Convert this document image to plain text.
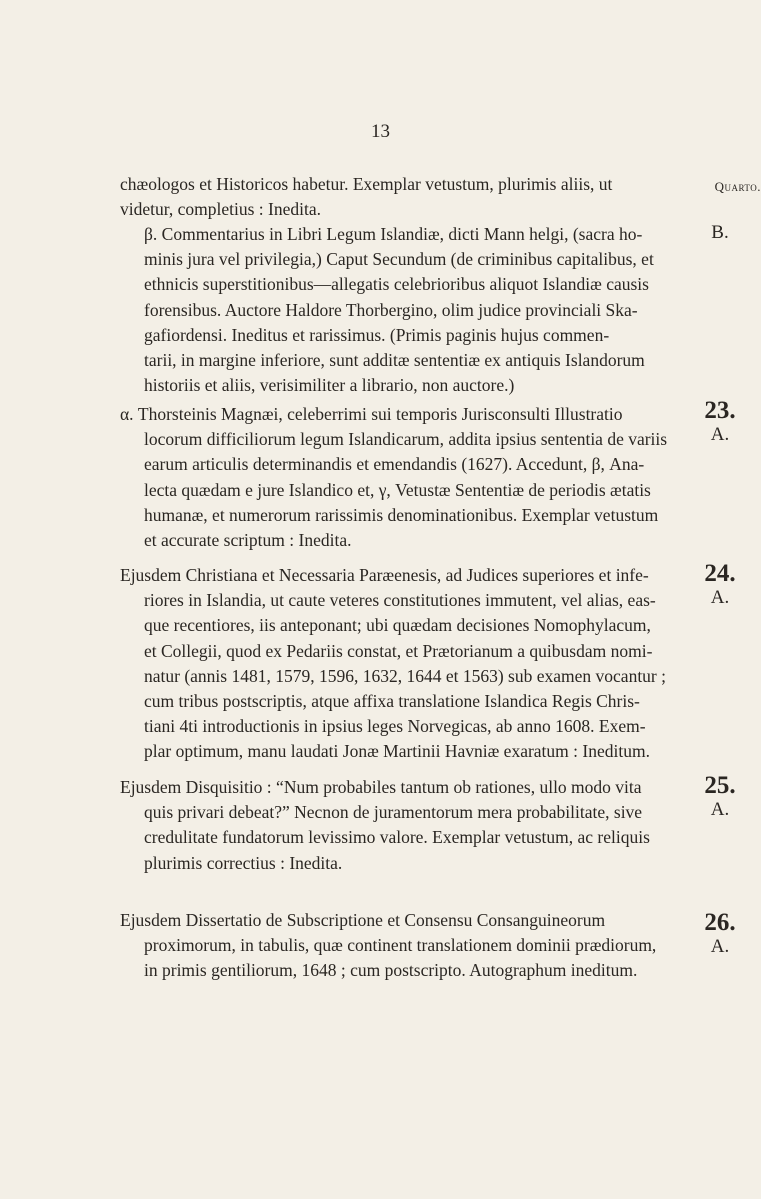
13

chæologos et Historicos habetur. Exemplar vetustum, plurimis aliis, ut

videtur, completius : Inedita.

Quarto.

β. Commentarius in Libri Legum Islandiæ, dicti Mann helgi, (sacra ho-

minis jura vel privilegia,) Caput Secundum (de criminibus capitalibus, et

ethnicis superstitionibus—allegatis celebrioribus aliquot Islandiæ causis

forensibus. Auctore Haldore Thorbergino, olim judice provinciali Ska-

gafiordensi. Ineditus et rarissimus. (Primis paginis hujus commen-

tarii, in margine inferiore, sunt additæ sententiæ ex antiquis Islandorum

historiis et aliis, verisimiliter a librario, non auctore.)

B.

α. Thorsteinis Magnæi, celeberrimi sui temporis Jurisconsulti Illustratio

locorum difficiliorum legum Islandicarum, addita ipsius sententia de variis

earum articulis determinandis et emendandis (1627). Accedunt, β, Ana-

lecta quædam e jure Islandico et, γ, Vetustæ Sententiæ de periodis ætatis

humanæ, et numerorum rarissimis denominationibus. Exemplar vetustum

et accurate scriptum : Inedita.

23.
A.

Ejusdem Christiana et Necessaria Paræenesis, ad Judices superiores et infe-

riores in Islandia, ut caute veteres constitutiones immutent, vel alias, eas-

que recentiores, iis anteponant; ubi quædam decisiones Nomophylacum,

et Collegii, quod ex Pedariis constat, et Prætorianum a quibusdam nomi-

natur (annis 1481, 1579, 1596, 1632, 1644 et 1563) sub examen vocantur ;

cum tribus postscriptis, atque affixa translatione Islandica Regis Chris-

tiani 4ti introductionis in ipsius leges Norvegicas, ab anno 1608. Exem-

plar optimum, manu laudati Jonæ Martinii Havniæ exaratum : Ineditum.

24.
A.

Ejusdem Disquisitio : “Num probabiles tantum ob rationes, ullo modo vita

quis privari debeat?” Necnon de juramentorum mera probabilitate, sive

credulitate fundatorum levissimo valore. Exemplar vetustum, ac reliquis

plurimis correctius : Inedita.

25.
A.

Ejusdem Dissertatio de Subscriptione et Consensu Consanguineorum

proximorum, in tabulis, quæ continent translationem dominii prædiorum,

in primis gentiliorum, 1648 ; cum postscripto. Autographum ineditum.

26.
A.
